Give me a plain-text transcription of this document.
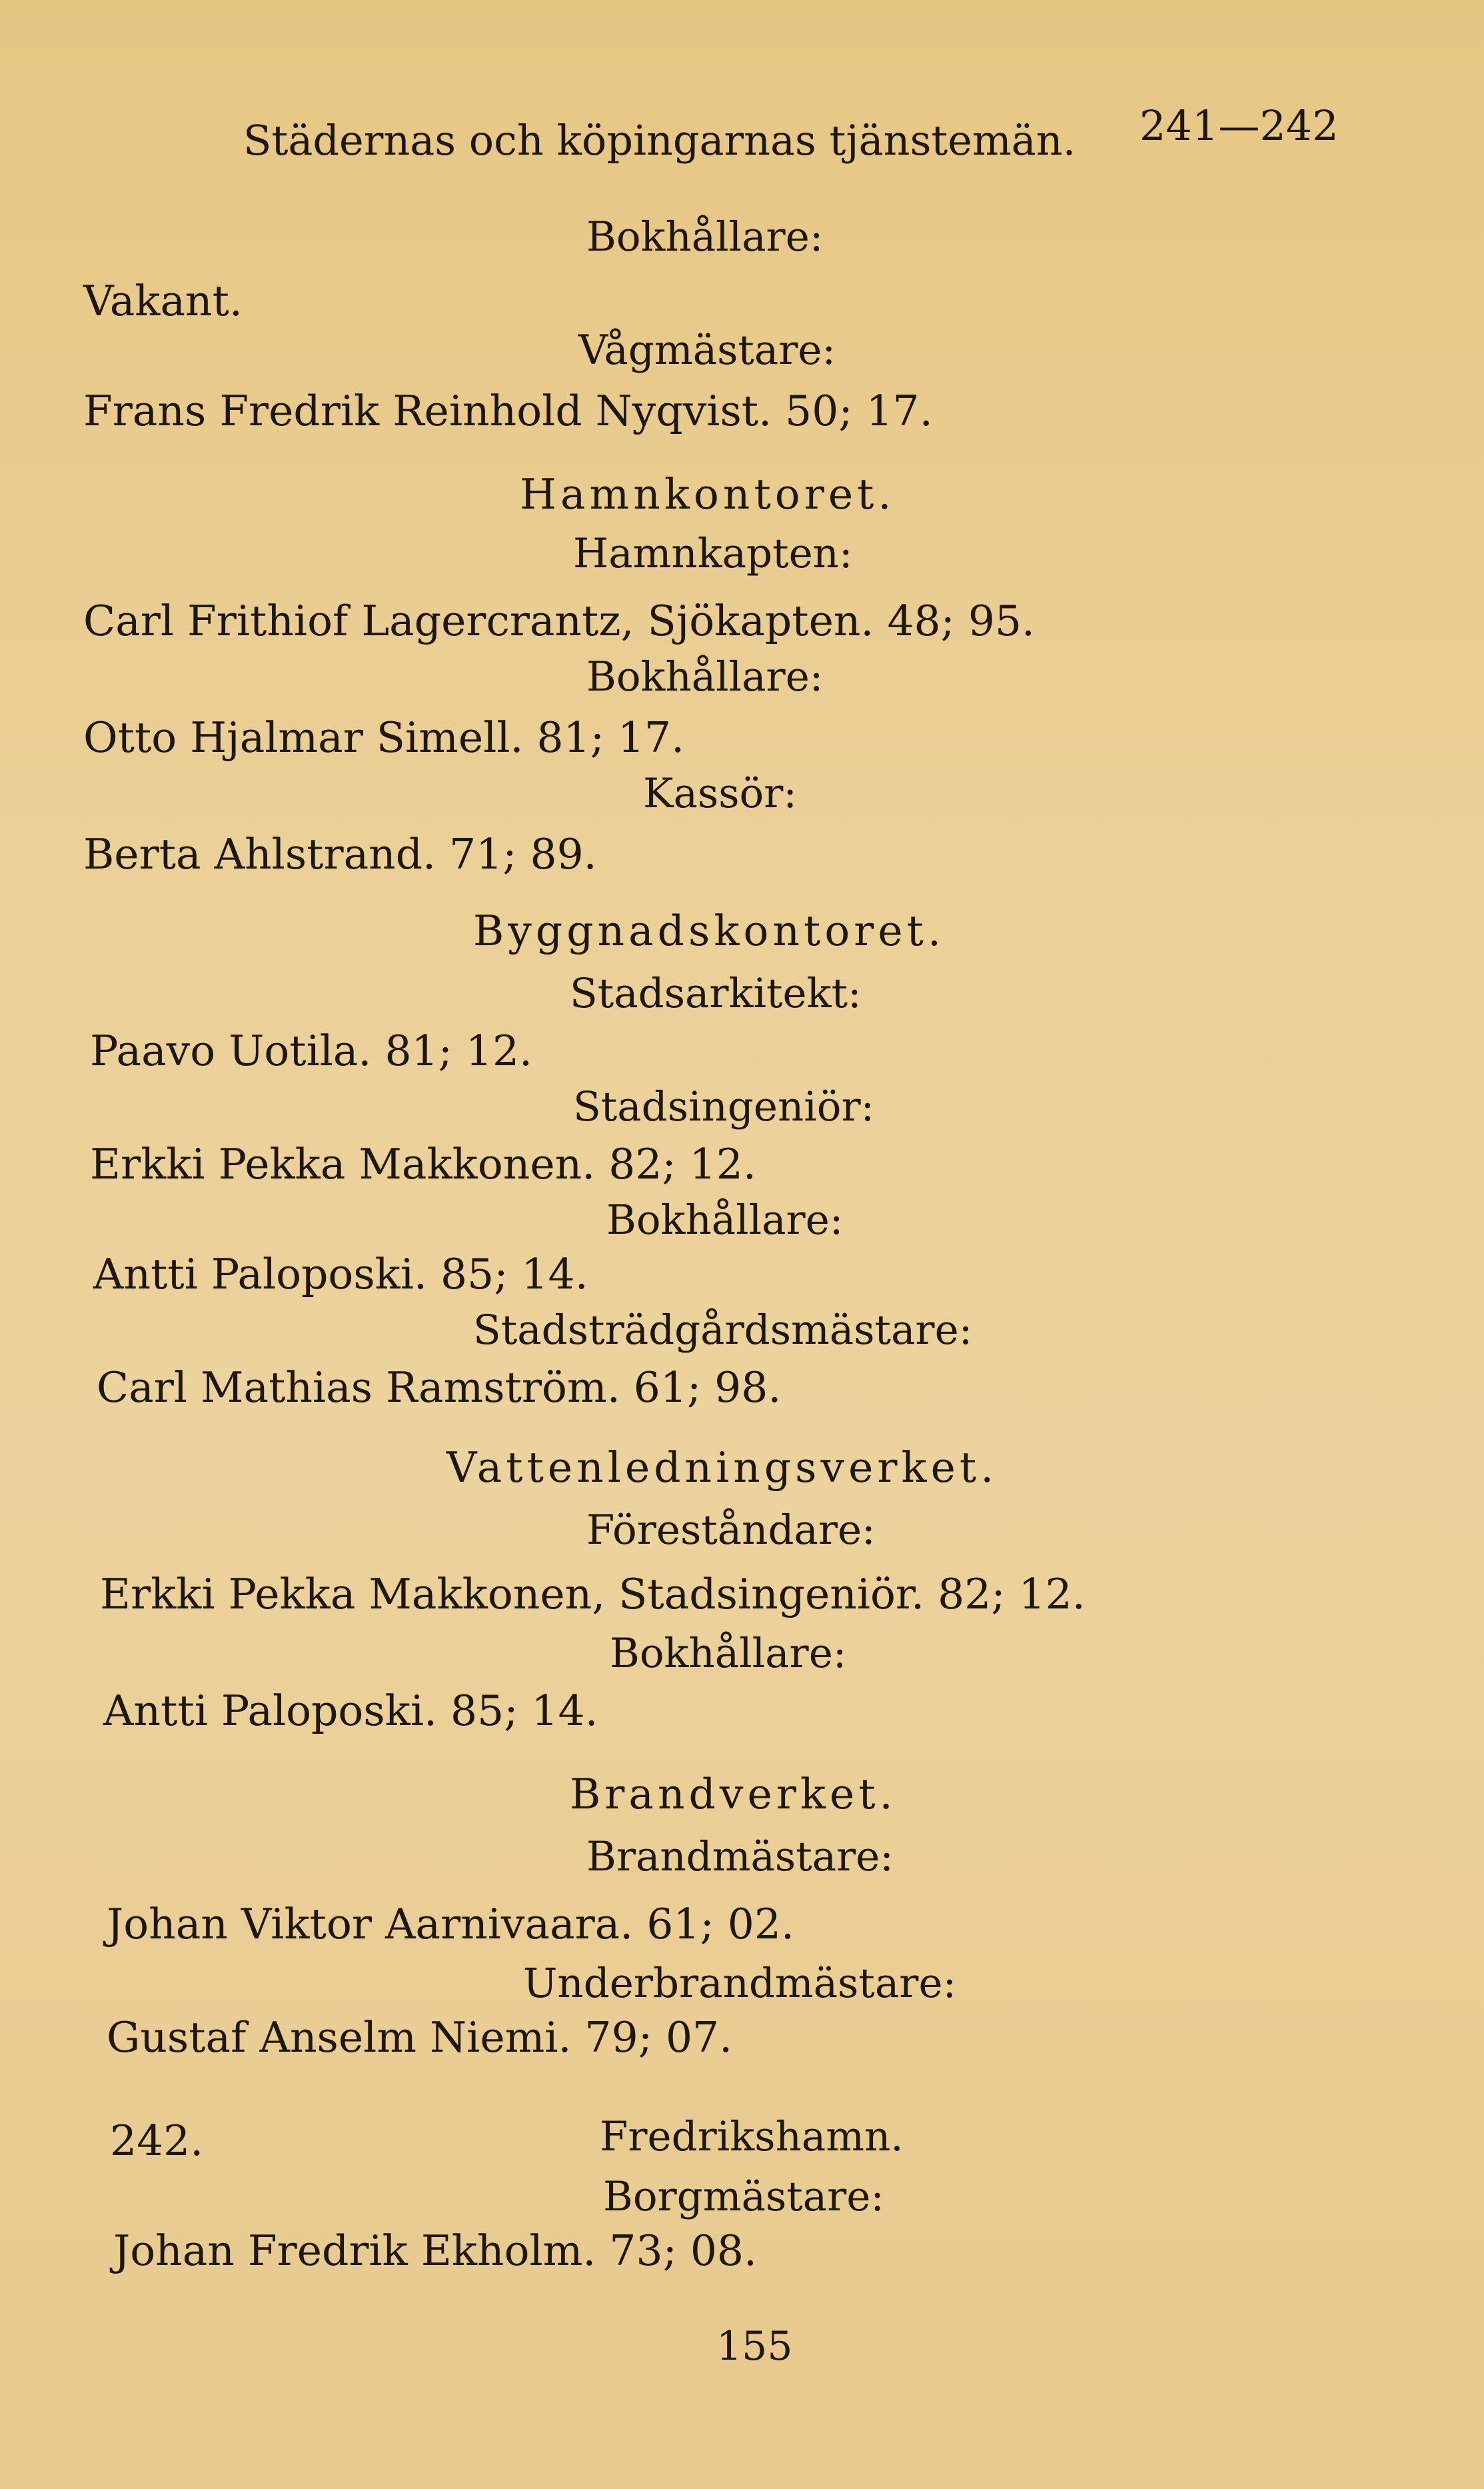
Städernas och köpingarnas tjänstemän. 241—242
Bokhållare:
Vakant.
Vågmästare:
Frans Fredrik Reinhold Nyqvist. 50; 17.
Hamnkontoret.
Hamnkapten:
Carl Frithiof Lagercrantz, Sjökapten. 48; 95.
Bokhållare:
Otto Hjalmar Simell. 81; 17.
Kassör:
Berta Ahlstrand. 71; 89.
Byggnadskontoret.
Stadsarkitekt:
Paavo Uotila. 81; 12.
Stadsingeniör:
Erkki Pekka Makkonen. 82; 12.
Bokhållare:
Antti Paloposki. 85; 14.
Stadsträdgårdsmästare:
Carl Mathias Ramström. 61; 98.
Vattenledningsverket.
Föreståndare:
Erkki Pekka Makkonen, Stadsingeniör. 82; 12.
Bokhållare:
Antti Paloposki. 85; 14.
Brandverket.
Brandmästare:
Johan Viktor Aarnivaara. 61; 02.
Underbrandmästare:
Gustaf Anselm Niemi. 79; 07.
242.	Fredrikshamn.
Borgmästare:
Johan Fredrik Ekholm. 73; 08.
155
